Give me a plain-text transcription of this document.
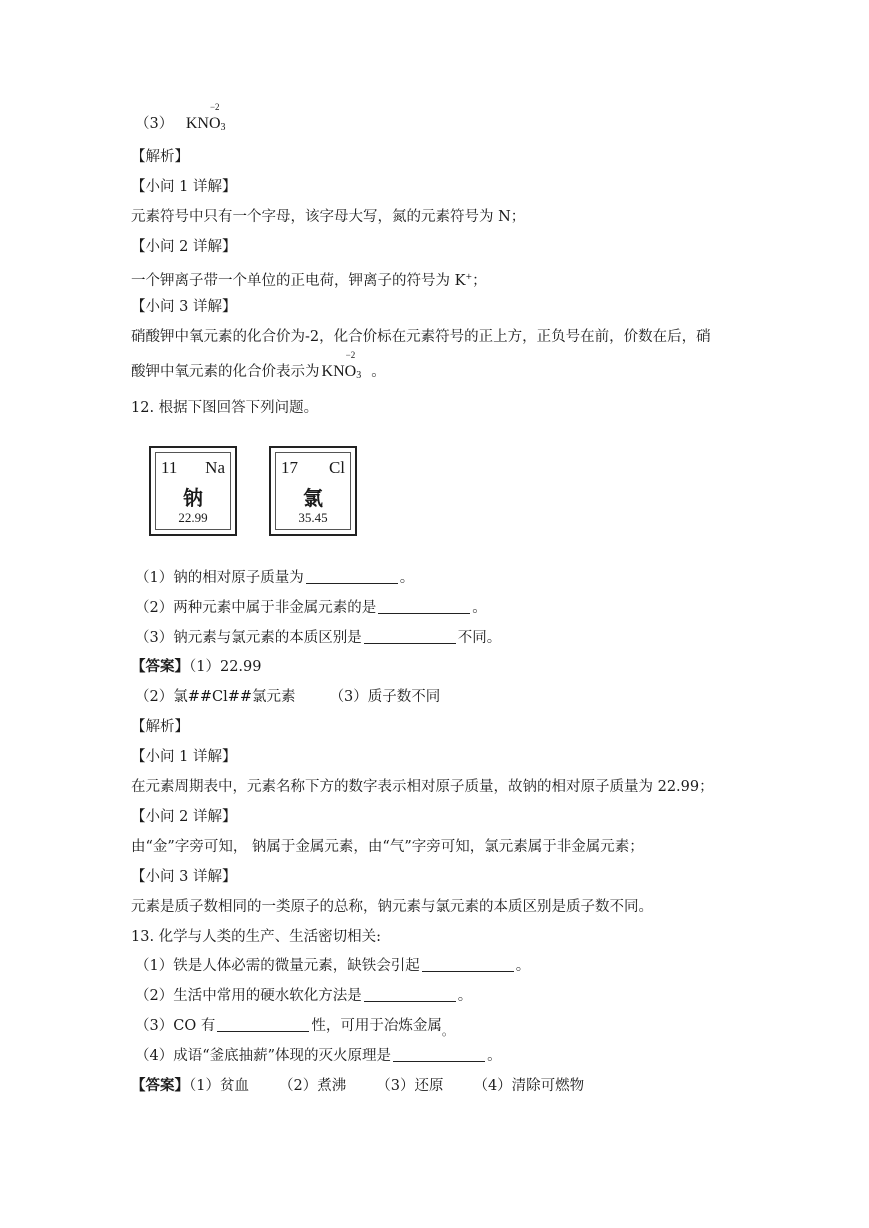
（3） KN
−2
$O_3$
【解析】
【小问 1 详解】
元素符号中只有一个字母，该字母大写，氮的元素符号为 N；
【小问 2 详解】
一个钾离子带一个单位的正电荷，钾离子的符号为 K+；
【小问 3 详解】
硝酸钾中氧元素的化合价为-2，化合价标在元素符号的正上方，正负号在前，价数在后，硝
酸钾中氧元素的化合价表示为 KN
−2
$O_3$ 。
12. 根据下图回答下列问题。
11 Na
钠
22.99
17 Cl
氯
35.45
（1）钠的相对原子质量为	。
（2）两种元素中属于非金属元素的是	。
（3）钠元素与氯元素的本质区别是	不同。
【答案】（1）22.99
（2）氯##Cl##氯元素 （3）质子数不同
【解析】
【小问 1 详解】
在元素周期表中，元素名称下方的数字表示相对原子质量，故钠的相对原子质量为 22.99；
【小问 2 详解】
由“金”字旁可知， 钠属于金属元素，由“气”字旁可知，氯元素属于非金属元素；
【小问 3 详解】
元素是质子数相同的一类原子的总称，钠元素与氯元素的本质区别是质子数不同。
13. 化学与人类的生产、生活密切相关:
（1）铁是人体必需的微量元素，缺铁会引起	。
（2）生活中常用的硬水软化方法是	。
（3）CO 有	性，可用于冶炼金属$_。$
（4）成语“釜底抽薪”体现的灭火原理是	。
【答案】（1）贫血 （2）煮沸 （3）还原 （4）清除可燃物
